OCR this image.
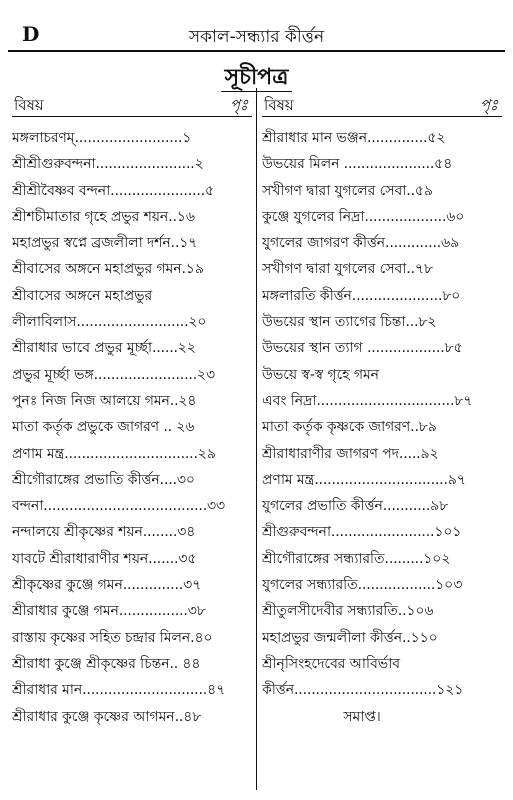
D	সকাল-সন্ধ্যার কীর্ত্তন
সূচীপত্র
বিষয়	পৃঃ
মঙ্গলাচরণম্.........................১
শ্রীশ্রীগুরুবন্দনা.......................২
শ্রীশ্রীবৈষ্ণব বন্দনা......................৫
শ্রীশচীমাতার গৃহে প্রভুর শয়ন..১৬
মহাপ্রভুর স্বপ্নে ব্রজলীলা দর্শন..১৭
শ্রীবাসের অঙ্গনে মহাপ্রভুর গমন.১৯
শ্রীবাসের অঙ্গনে মহাপ্রভুর
লীলাবিলাস..........................২০
শ্রীরাধার ভাবে প্রভুর মূর্চ্ছা......২২
প্রভুর মূর্চ্ছা ভঙ্গ........................২৩
পুনঃ নিজ নিজ আলয়ে গমন..২৪
মাতা কর্তৃক প্রভুকে জাগরণ .. ২৬
প্রণাম মন্ত্র...............................২৯
শ্রীগৌরাঙ্গের প্রভাতি কীর্ত্তন....৩০
বন্দনা......................................৩৩
নন্দালয়ে শ্রীকৃষ্ণের শয়ন........৩৪
যাবটে শ্রীরাধারাণীর শয়ন.......৩৫
শ্রীকৃষ্ণের কুঞ্জে গমন..............৩৭
শ্রীরাধার কুঞ্জে গমন................৩৮
রাস্তায় কৃষ্ণের সহিত চন্দ্রার মিলন.৪০
শ্রীরাধা কুঞ্জে শ্রীকৃষ্ণের চিন্তন.. ৪৪
শ্রীরাধার মান.............................৪৭
শ্রীরাধার কুঞ্জে কৃষ্ণের আগমন..৪৮
বিষয়	পৃঃ
শ্রীরাধার মান ভঞ্জন..............৫২
উভয়ের মিলন .....................৫৪
সখীগণ দ্বারা যুগলের সেবা..৫৯
কুঞ্জে যুগলের নিদ্রা...................৬০
যুগলের জাগরণ কীর্ত্তন.............৬৯
সখীগণ দ্বারা যুগলের সেবা..৭৮
মঙ্গলারতি কীর্ত্তন.....................৮০
উভয়ের স্থান ত্যাগের চিন্তা...৮২
উভয়ের স্থান ত্যাগ ..................৮৫
উভয়ে স্ব-স্ব গৃহে গমন
এবং নিদ্রা................................৮৭
মাতা কর্তৃক কৃষ্ণকে জাগরণ..৮৯
শ্রীরাধারাণীর জাগরণ পদ.....৯২
প্রণাম মন্ত্র...............................৯৭
যুগলের প্রভাতি কীর্ত্তন...........৯৮
শ্রীগুরুবন্দনা........................১০১
শ্রীগৌরাঙ্গের সন্ধ্যারতি.........১০২
যুগলের সন্ধ্যারতি..................১০৩
শ্রীতুলসীদেবীর সন্ধ্যারতি..১০৬
মহাপ্রভুর জন্মলীলা কীর্ত্তন..১১০
শ্রীনৃসিংহদেবের আবির্ভাব
কীর্ত্তন.................................১২১
সমাপ্ত।
